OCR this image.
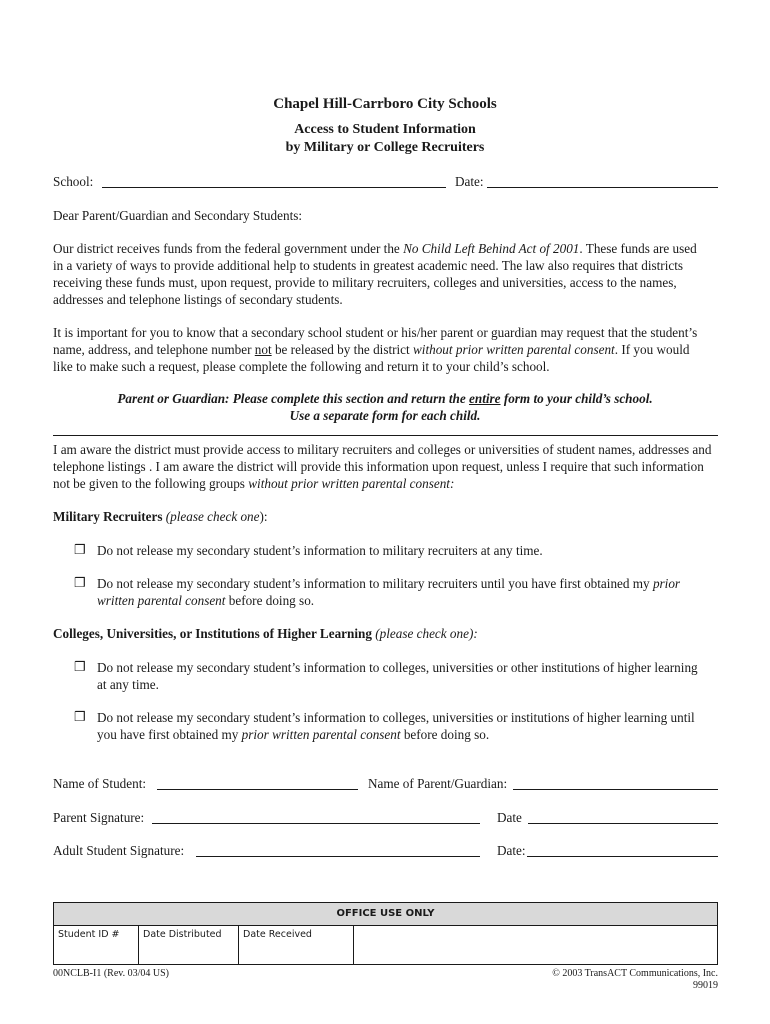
Chapel Hill-Carrboro City Schools
Access to Student Information
by Military or College Recruiters
School:	Date:
Dear Parent/Guardian and Secondary Students:
Our district receives funds from the federal government under the No Child Left Behind Act of 2001. These funds are used
in a variety of ways to provide additional help to students in greatest academic need. The law also requires that districts
receiving these funds must, upon request, provide to military recruiters, colleges and universities, access to the names,
addresses and telephone listings of secondary students.
It is important for you to know that a secondary school student or his/her parent or guardian may request that the student’s
name, address, and telephone number not be released by the district without prior written parental consent. If you would
like to make such a request, please complete the following and return it to your child’s school.
Parent or Guardian: Please complete this section and return the entire form to your child’s school.
Use a separate form for each child.
I am aware the district must provide access to military recruiters and colleges or universities of student names, addresses and
telephone listings . I am aware the district will provide this information upon request, unless I require that such information
not be given to the following groups without prior written parental consent:
Military Recruiters (please check one):
❒ Do not release my secondary student’s information to military recruiters at any time.
❒ Do not release my secondary student’s information to military recruiters until you have first obtained my prior
written parental consent before doing so.
Colleges, Universities, or Institutions of Higher Learning (please check one):
❒ Do not release my secondary student’s information to colleges, universities or other institutions of higher learning
at any time.
❒ Do not release my secondary student’s information to colleges, universities or institutions of higher learning until
you have first obtained my prior written parental consent before doing so.
Name of Student:	Name of Parent/Guardian:
Parent Signature:	Date
Adult Student Signature:	Date:
OFFICE USE ONLY
Student ID #	Date Distributed	Date Received	
00NCLB-I1 (Rev. 03/04 US)	© 2003 TransACT Communications, Inc.
99019
